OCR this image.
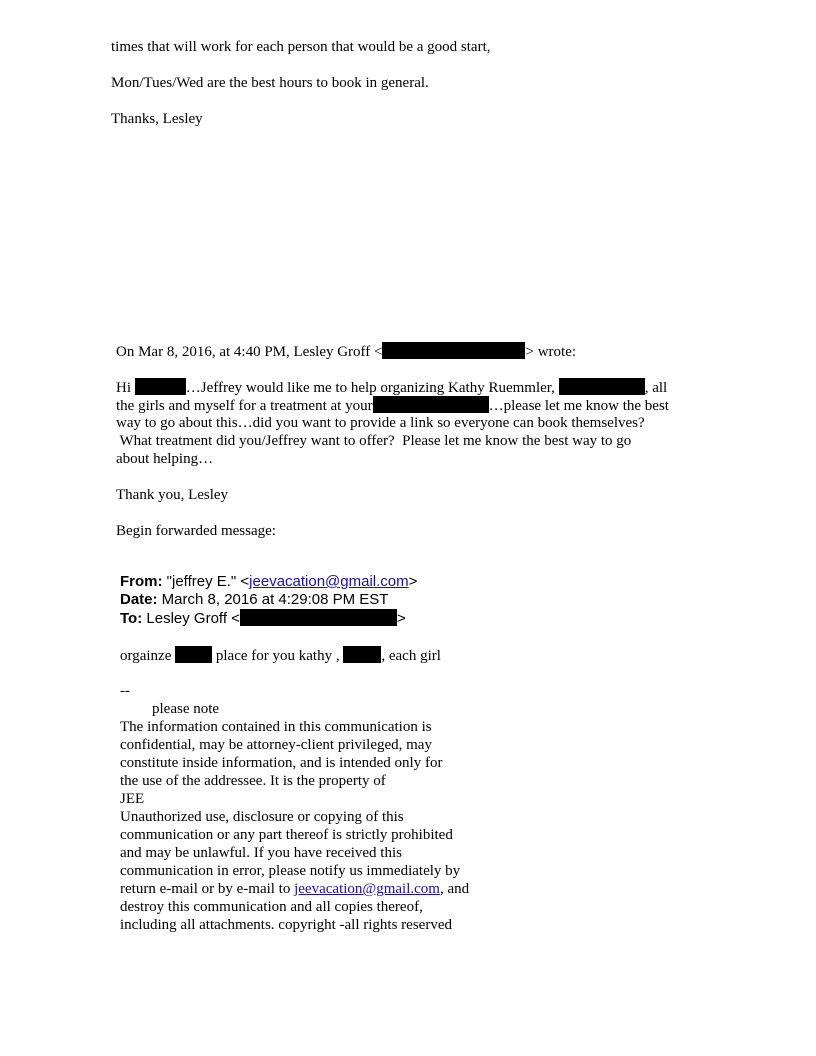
times that will work for each person that would be a good start,

Mon/Tues/Wed are the best hours to book in general.

Thanks, Lesley

On Mar 8, 2016, at 4:40 PM, Lesley Groff <	> wrote:

Hi	…Jeffrey would like me to help organizing Kathy Ruemmler,	, all

the girls and myself for a treatment at your	…please let me know the best

way to go about this…did you want to provide a link so everyone can book themselves?

What treatment did you/Jeffrey want to offer?  Please let me know the best way to go

about helping…

Thank you, Lesley

Begin forwarded message:

From: "jeffrey E." <jeevacation@gmail.com>
Date: March 8, 2016 at 4:29:08 PM EST
To: Lesley Groff <	>

orgainze  place for you kathy ,	, each girl

--

please note

The information contained in this communication is

confidential, may be attorney-client privileged, may

constitute inside information, and is intended only for

the use of the addressee. It is the property of

JEE

Unauthorized use, disclosure or copying of this

communication or any part thereof is strictly prohibited

and may be unlawful. If you have received this

communication in error, please notify us immediately by

return e-mail or by e-mail to jeevacation@gmail.com, and

destroy this communication and all copies thereof,

including all attachments. copyright -all rights reserved
